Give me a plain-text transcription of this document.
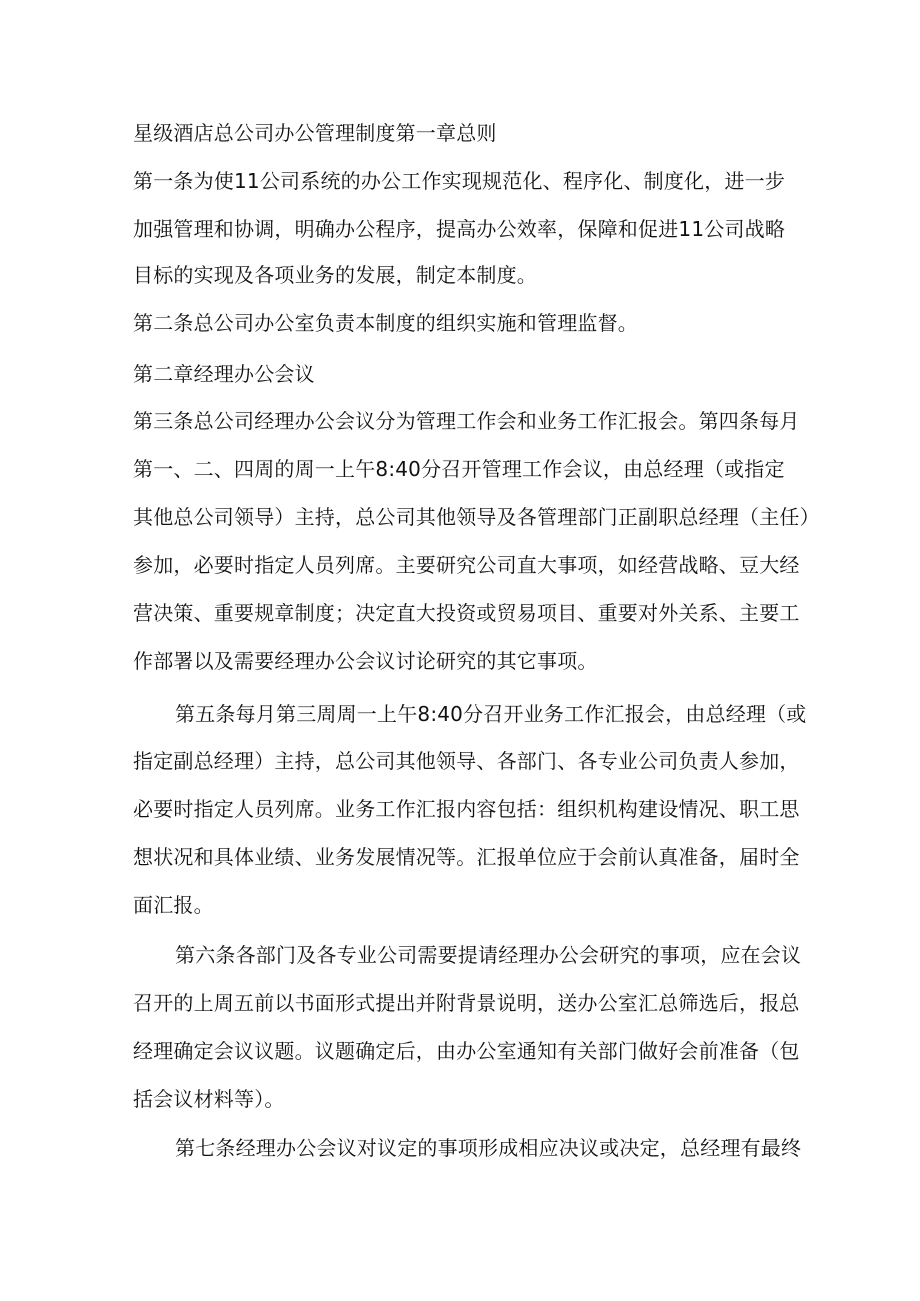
星级酒店总公司办公管理制度第一章总则
第一条为使11公司系统的办公工作实现规范化、程序化、制度化，进一步
加强管理和协调，明确办公程序，提高办公效率，保障和促进11公司战略
目标的实现及各项业务的发展，制定本制度。
第二条总公司办公室负责本制度的组织实施和管理监督。
第二章经理办公会议
第三条总公司经理办公会议分为管理工作会和业务工作汇报会。第四条每月
第一、二、四周的周一上午8:40分召开管理工作会议，由总经理（或指定
其他总公司领导）主持，总公司其他领导及各管理部门正副职总经理（主任）
参加，必要时指定人员列席。主要研究公司直大事项，如经营战略、豆大经
营决策、重要规章制度；决定直大投资或贸易项目、重要对外关系、主要工
作部署以及需要经理办公会议讨论研究的其它事项。
第五条每月第三周周一上午8:40分召开业务工作汇报会，由总经理（或
指定副总经理）主持，总公司其他领导、各部门、各专业公司负责人参加，
必要时指定人员列席。业务工作汇报内容包括：组织机构建设情况、职工思
想状况和具体业绩、业务发展情况等。汇报单位应于会前认真准备，届时全
面汇报。
第六条各部门及各专业公司需要提请经理办公会研究的事项，应在会议
召开的上周五前以书面形式提出并附背景说明，送办公室汇总筛选后，报总
经理确定会议议题。议题确定后，由办公室通知有关部门做好会前准备（包
括会议材料等）。
第七条经理办公会议对议定的事项形成相应决议或决定，总经理有最终
